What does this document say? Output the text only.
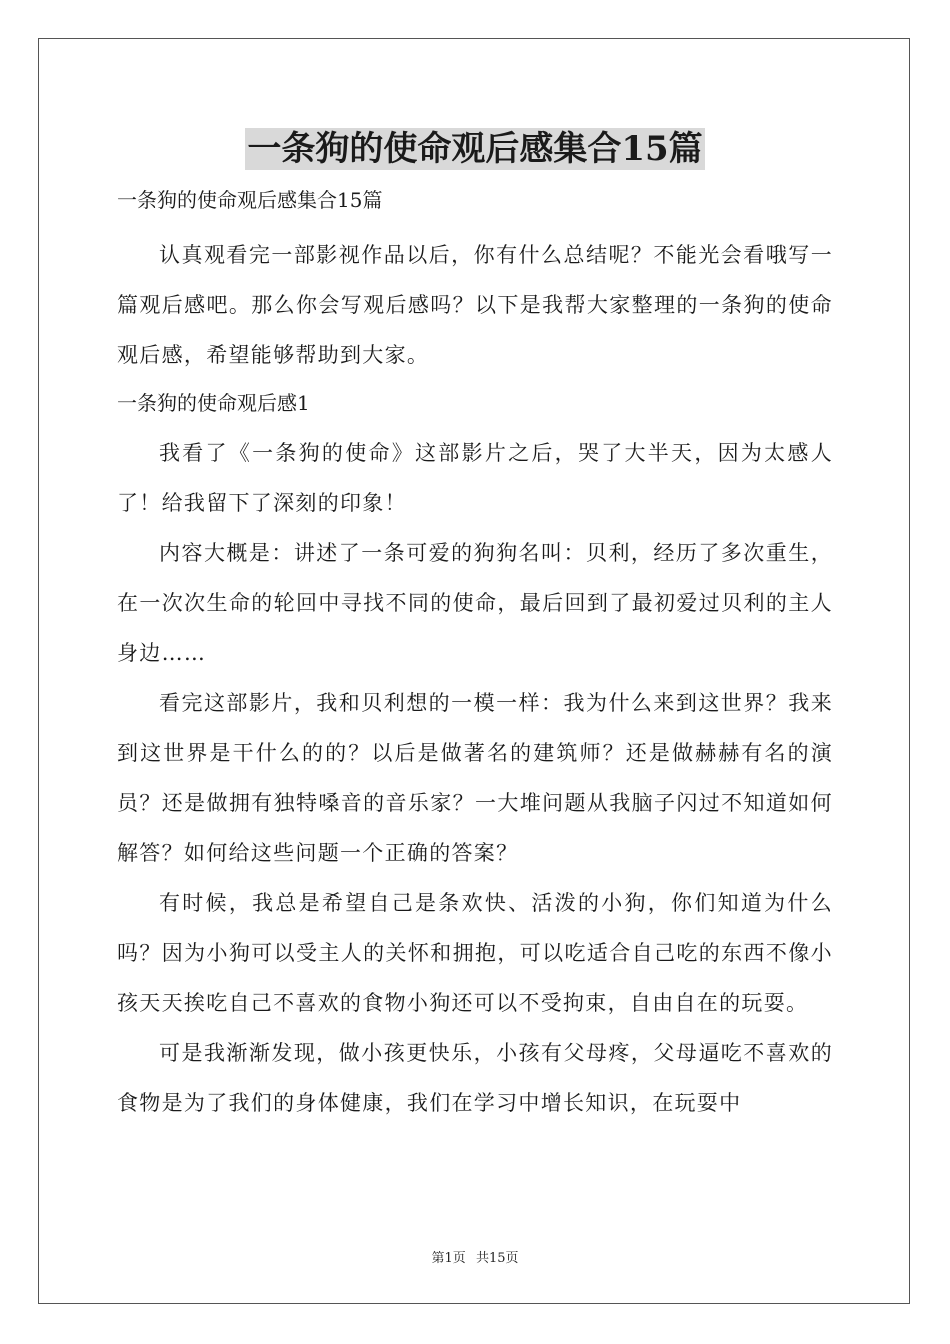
一条狗的使命观后感集合15篇

一条狗的使命观后感集合15篇

认真观看完一部影视作品以后，你有什么总结呢？不能光会看哦写一篇观后感吧。那么你会写观后感吗？以下是我帮大家整理的一条狗的使命观后感，希望能够帮助到大家。

一条狗的使命观后感1

我看了《一条狗的使命》这部影片之后，哭了大半天，因为太感人了！给我留下了深刻的印象！

内容大概是：讲述了一条可爱的狗狗名叫：贝利，经历了多次重生，在一次次生命的轮回中寻找不同的使命，最后回到了最初爱过贝利的主人身边……

看完这部影片，我和贝利想的一模一样：我为什么来到这世界？我来到这世界是干什么的的？以后是做著名的建筑师？还是做赫赫有名的演员？还是做拥有独特嗓音的音乐家？一大堆问题从我脑子闪过不知道如何解答？如何给这些问题一个正确的答案？

有时候，我总是希望自己是条欢快、活泼的小狗，你们知道为什么吗？因为小狗可以受主人的关怀和拥抱，可以吃适合自己吃的东西不像小孩天天挨吃自己不喜欢的食物小狗还可以不受拘束，自由自在的玩耍。

可是我渐渐发现，做小孩更快乐，小孩有父母疼，父母逼吃不喜欢的食物是为了我们的身体健康，我们在学习中增长知识，在玩耍中

第1页 共15页
